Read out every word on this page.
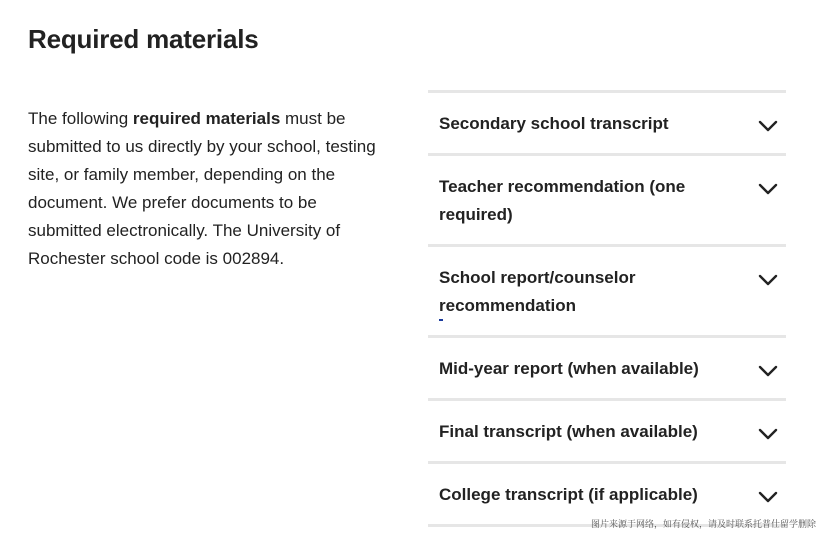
Required materials

The following required materials must be submitted to us directly by your school, testing site, or family member, depending on the document. We prefer documents to be submitted electronically. The University of Rochester school code is 002894.

Secondary school transcript
Teacher recommendation (one required)
School report/counselor recommendation
Mid-year report (when available)
Final transcript (when available)
College transcript (if applicable)
图片来源于网络，如有侵权，请及时联系托普仕留学删除
